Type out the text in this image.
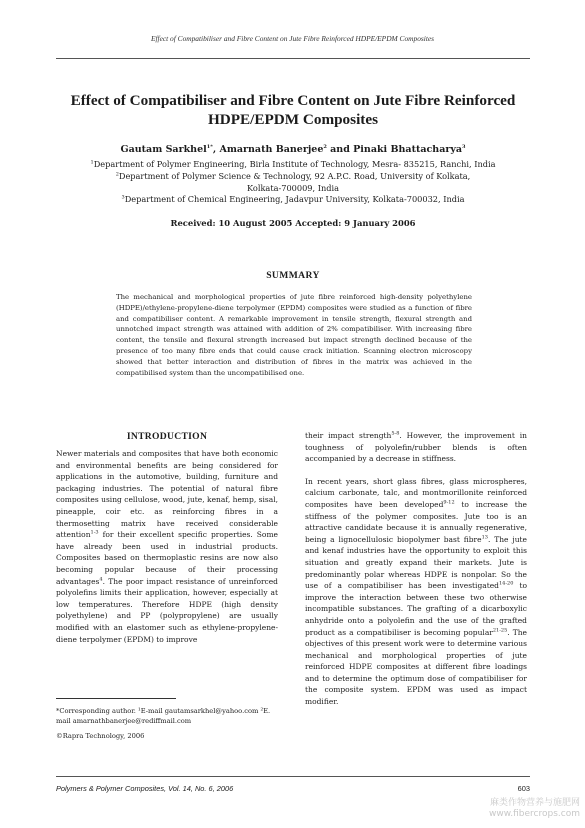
Effect of Compatibiliser and Fibre Content on Jute Fibre Reinforced HDPE/EPDM Composites
Effect of Compatibiliser and Fibre Content on Jute Fibre Reinforced HDPE/EPDM Composites
Gautam Sarkhel$^{1*}$, Amarnath Banerjee$^2$ and Pinaki Bhattacharya$^3$
$^1$Department of Polymer Engineering, Birla Institute of Technology, Mesra- 835215, Ranchi, India
$^2$Department of Polymer Science & Technology, 92 A.P.C. Road, University of Kolkata,
Kolkata-700009, India
$^3$Department of Chemical Engineering, Jadavpur University, Kolkata-700032, India
Received: 10 August 2005 Accepted: 9 January 2006
SUMMARY
The mechanical and morphological properties of jute fibre reinforced high-density polyethylene (HDPE)/ethylene-propylene-diene terpolymer (EPDM) composites were studied as a function of fibre and compatibiliser content. A remarkable improvement in tensile strength, flexural strength and unnotched impact strength was attained with addition of 2% compatibiliser. With increasing fibre content, the tensile and flexural strength increased but impact strength declined because of the presence of too many fibre ends that could cause crack initiation. Scanning electron microscopy showed that better interaction and distribution of fibres in the matrix was achieved in the compatibilised system than the uncompatibilised one.
INTRODUCTION

Newer materials and composites that have both economic and environmental benefits are being considered for applications in the automotive, building, furniture and packaging industries. The potential of natural fibre composites using cellulose, wood, jute, kenaf, hemp, sisal, pineapple, coir etc. as reinforcing fibres in a thermosetting matrix have received considerable attention$^{1-3}$ for their excellent specific properties. Some have already been used in industrial products. Composites based on thermoplastic resins are now also becoming popular because of their processing advantages$^4$. The poor impact resistance of unreinforced polyolefins limits their application, however, especially at low temperatures. Therefore HDPE (high density polyethylene) and PP (polypropylene) are usually modified with an elastomer such as ethylene-propylene-diene terpolymer (EPDM) to improve

their impact strength$^{5-8}$. However, the improvement in toughness of polyolefin/rubber blends is often accompanied by a decrease in stiffness.

In recent years, short glass fibres, glass microspheres, calcium carbonate, talc, and montmorillonite reinforced composites have been developed$^{9-12}$ to increase the stiffness of the polymer composites. Jute too is an attractive candidate because it is annually regenerative, being a lignocellulosic biopolymer bast fibre$^{13}$. The jute and kenaf industries have the opportunity to exploit this situation and greatly expand their markets. Jute is predominantly polar whereas HDPE is nonpolar. So the use of a compatibiliser has been investigated$^{14-20}$ to improve the interaction between these two otherwise incompatible substances. The grafting of a dicarboxylic anhydride onto a polyolefin and the use of the grafted product as a compatibiliser is becoming popular$^{21-25}$. The objectives of this present work were to determine various mechanical and morphological properties of jute reinforced HDPE composites at different fibre loadings and to determine the optimum dose of compatibiliser for the composite system. EPDM was used as impact modifier.

*Corresponding author. ¹E-mail gautamsarkhel@yahoo.com ²E. mail amarnathbanerjee@rediffmail.com
©Rapra Technology, 2006
Polymers & Polymer Composites, Vol. 14, No. 6, 2006	603
麻类作物营养与施肥网
www.fibercrops.com
